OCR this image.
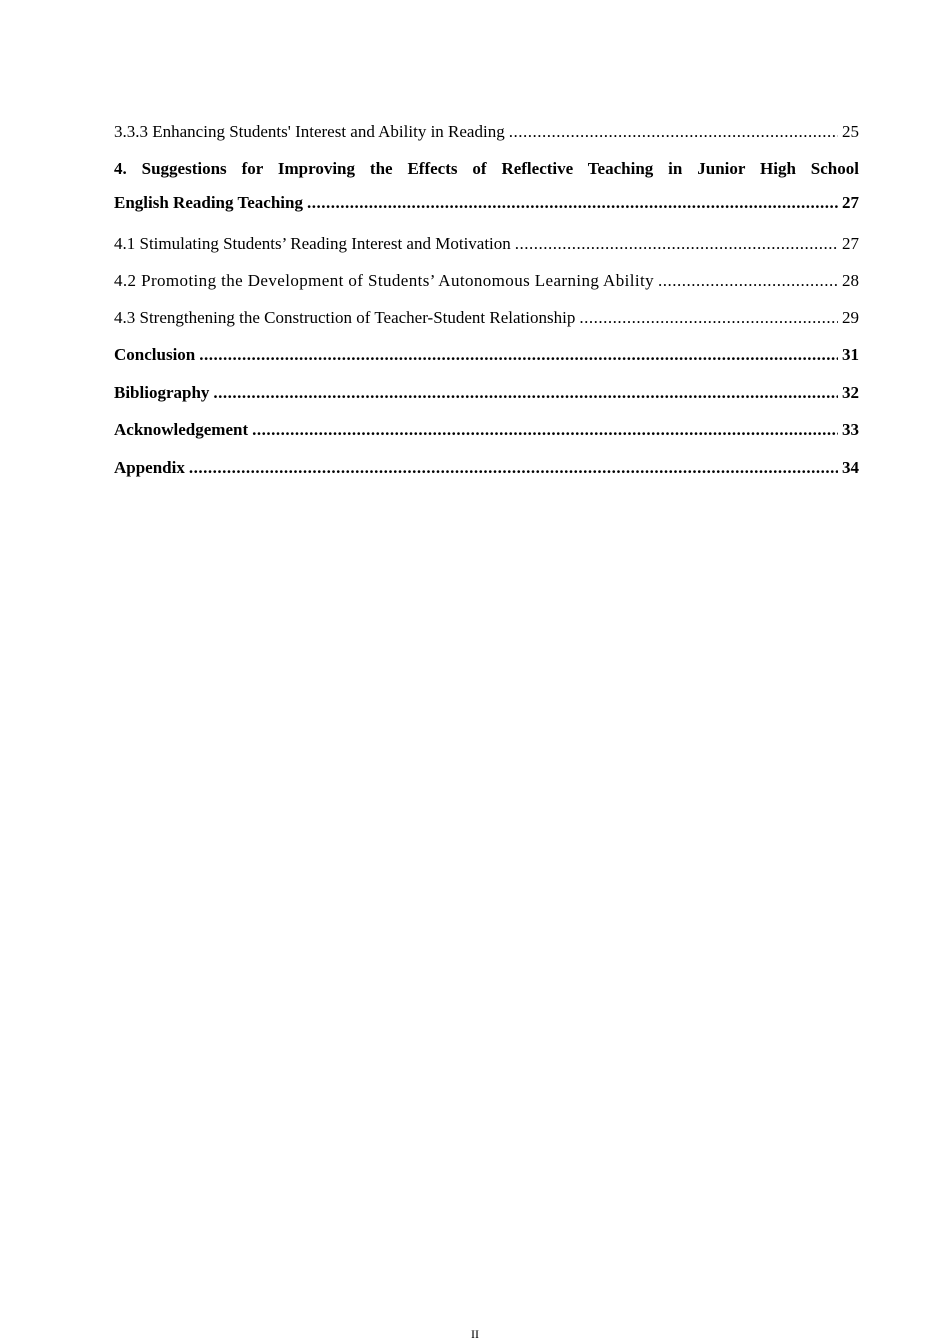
3.3.3 Enhancing Students' Interest and Ability in Reading .....	25
4. Suggestions for Improving the Effects of Reflective Teaching in Junior High School
English Reading Teaching .....	27
4.1 Stimulating Students’ Reading Interest and Motivation .....	27
4.2 Promoting the Development of Students’ Autonomous Learning Ability .....	28
4.3 Strengthening the Construction of Teacher-Student Relationship .....	29
Conclusion .....	31
Bibliography .....	32
Acknowledgement .....	33
Appendix .....	34
II
